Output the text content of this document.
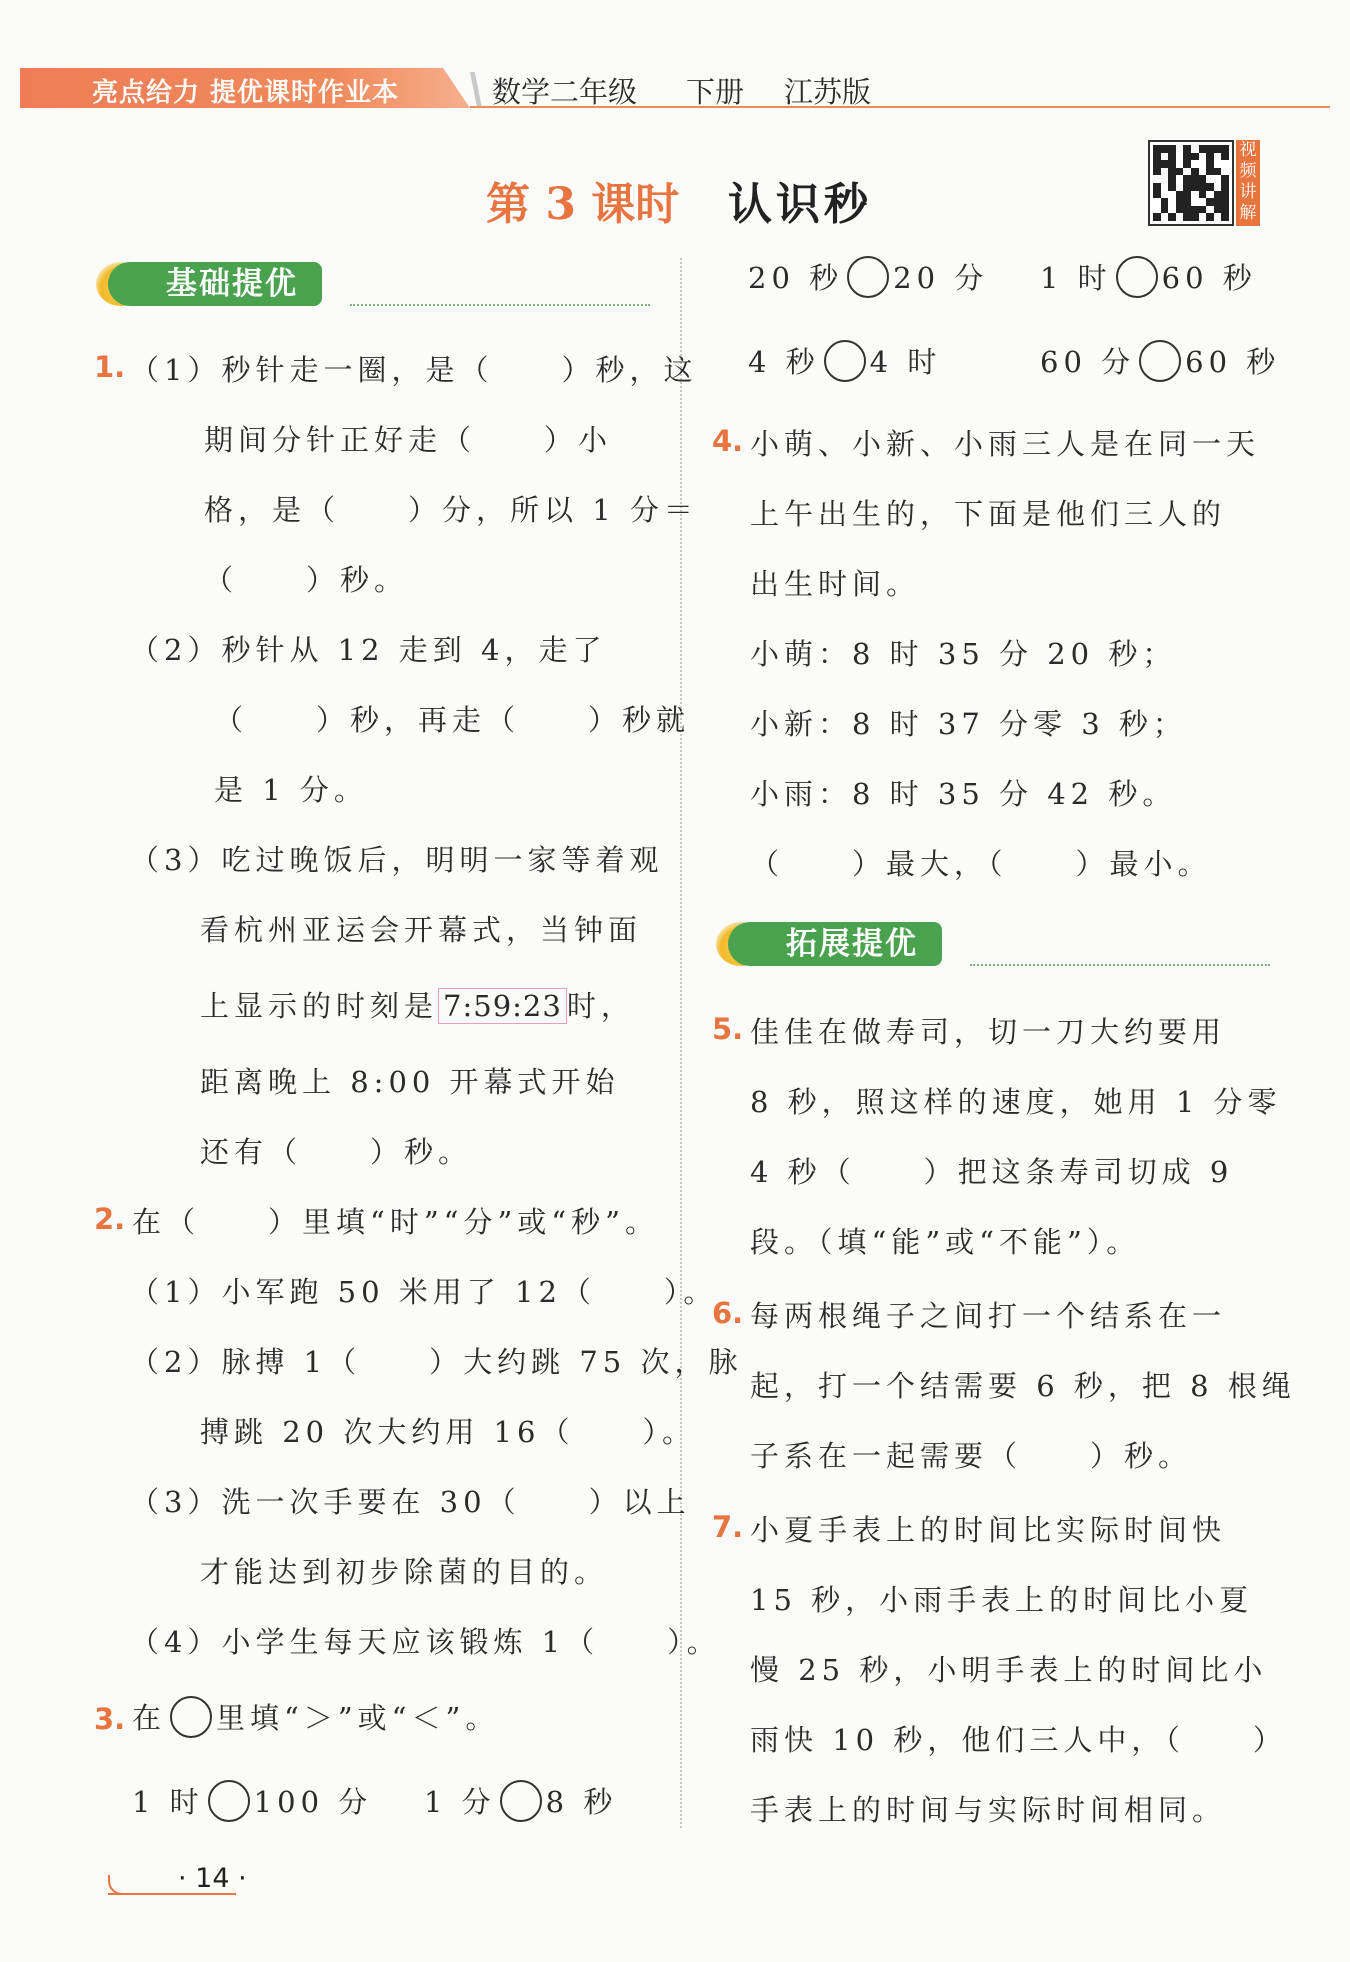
亮点给力 提优课时作业本	数学二年级 下册 江苏版
第 3 课时 认识秒
视频讲解
基础提优
1. （1）秒针走一圈，是（　　）秒，这
期间分针正好走（　　）小
格，是（　　）分，所以 1 分＝
（　　）秒。
（2）秒针从 12 走到 4，走了
（　　）秒，再走（　　）秒就
是 1 分。
（3）吃过晚饭后，明明一家等着观
看杭州亚运会开幕式，当钟面
上显示的时刻是 7:59:23 时，
距离晚上 8:00 开幕式开始
还有（　　）秒。
2. 在（　　）里填“时”“分”或“秒”。
（1）小军跑 50 米用了 12（　　）。
（2）脉搏 1（　　）大约跳 75 次，脉
搏跳 20 次大约用 16（　　）。
（3）洗一次手要在 30（　　）以上
才能达到初步除菌的目的。
（4）小学生每天应该锻炼 1（　　）。
3. 在 里填“＞”或“＜”。
1 时 100 分 1 分 8 秒
20 秒 20 分 1 时 60 秒
4 秒 4 时	60 分 60 秒
4. 小萌、小新、小雨三人是在同一天
上午出生的，下面是他们三人的
出生时间。
小萌：8 时 35 分 20 秒；
小新：8 时 37 分零 3 秒；
小雨：8 时 35 分 42 秒。
（　　）最大，（　　）最小。
拓展提优
5. 佳佳在做寿司，切一刀大约要用
8 秒，照这样的速度，她用 1 分零
4 秒（　　）把这条寿司切成 9
段。（填“能”或“不能”）。
6. 每两根绳子之间打一个结系在一
起，打一个结需要 6 秒，把 8 根绳
子系在一起需要（　　）秒。
7. 小夏手表上的时间比实际时间快
15 秒，小雨手表上的时间比小夏
慢 25 秒，小明手表上的时间比小
雨快 10 秒，他们三人中，（　　）
手表上的时间与实际时间相同。
· 14 ·
